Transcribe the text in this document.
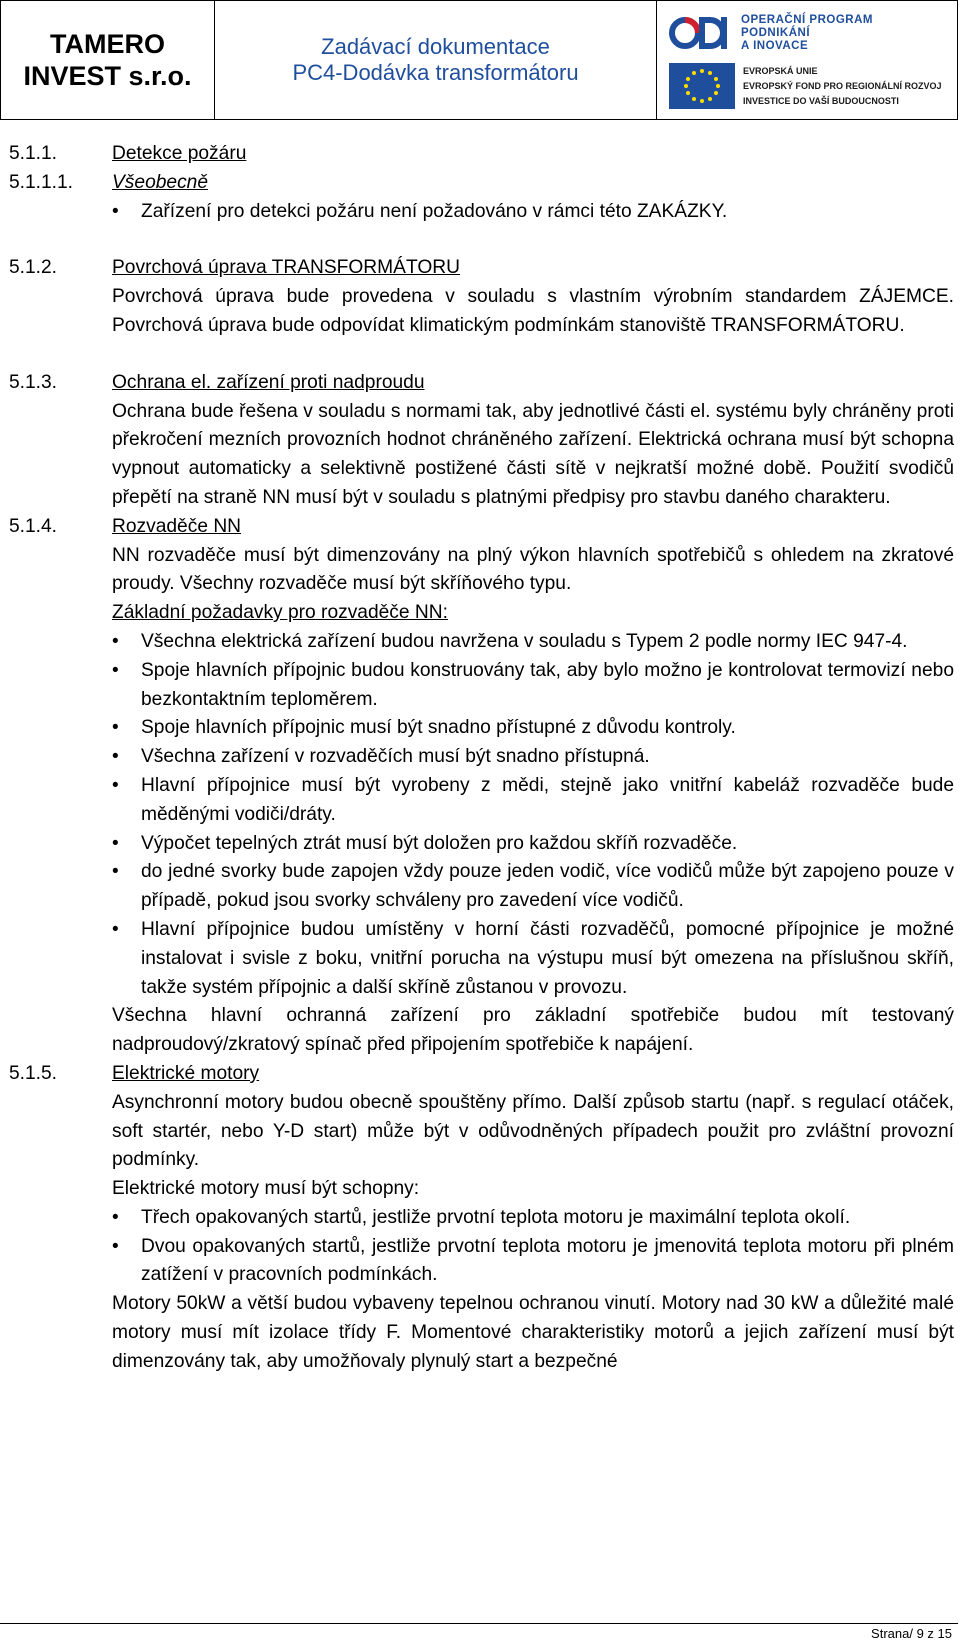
TAMERO
INVEST s.r.o.
Zadávací dokumentace
PC4-Dodávka transformátoru
OPERAČNÍ PROGRAM
PODNIKÁNÍ
A INOVACE
EVROPSKÁ UNIE
EVROPSKÝ FOND PRO REGIONÁLNÍ ROZVOJ
INVESTICE DO VAŠÍ BUDOUCNOSTI
5.1.1.	Detekce požáru
5.1.1.1.	Všeobecně
• Zařízení pro detekci požáru není požadováno v rámci této ZAKÁZKY.
5.1.2.	Povrchová úprava TRANSFORMÁTORU
Povrchová úprava bude provedena v souladu s vlastním výrobním standardem ZÁJEMCE. Povrchová úprava bude odpovídat klimatickým podmínkám stanoviště TRANSFORMÁTORU.
5.1.3.	Ochrana el. zařízení proti nadproudu
Ochrana bude řešena v souladu s normami tak, aby jednotlivé části el. systému byly chráněny proti překročení mezních provozních hodnot chráněného zařízení. Elektrická ochrana musí být schopna vypnout automaticky a selektivně postižené části sítě v nejkratší možné době. Použití svodičů přepětí na straně NN musí být v souladu s platnými předpisy pro stavbu daného charakteru.
5.1.4.	Rozvaděče NN
NN rozvaděče musí být dimenzovány na plný výkon hlavních spotřebičů s ohledem na zkratové proudy. Všechny rozvaděče musí být skříňového typu.
Základní požadavky pro rozvaděče NN:
• Všechna elektrická zařízení budou navržena v souladu s Typem 2 podle normy IEC 947-4.
• Spoje hlavních přípojnic budou konstruovány tak, aby bylo možno je kontrolovat termovizí nebo bezkontaktním teploměrem.
• Spoje hlavních přípojnic musí být snadno přístupné z důvodu kontroly.
• Všechna zařízení v rozvaděčích musí být snadno přístupná.
• Hlavní přípojnice musí být vyrobeny z mědi, stejně jako vnitřní kabeláž rozvaděče bude měděnými vodiči/dráty.
• Výpočet tepelných ztrát musí být doložen pro každou skříň rozvaděče.
• do jedné svorky bude zapojen vždy pouze jeden vodič, více vodičů může být zapojeno pouze v případě, pokud jsou svorky schváleny pro zavedení více vodičů.
• Hlavní přípojnice budou umístěny v horní části rozvaděčů, pomocné přípojnice je možné instalovat i svisle z boku, vnitřní porucha na výstupu musí být omezena na příslušnou skříň, takže systém přípojnic a další skříně zůstanou v provozu.
Všechna hlavní ochranná zařízení pro základní spotřebiče budou mít testovaný nadproudový/zkratový spínač před připojením spotřebiče k napájení.
5.1.5.	Elektrické motory
Asynchronní motory budou obecně spouštěny přímo. Další způsob startu (např. s regulací otáček, soft startér, nebo Y-D start) může být v odůvodněných případech použit pro zvláštní provozní podmínky.
Elektrické motory musí být schopny:
• Třech opakovaných startů, jestliže prvotní teplota motoru je maximální teplota okolí.
• Dvou opakovaných startů, jestliže prvotní teplota motoru je jmenovitá teplota motoru při plném zatížení v pracovních podmínkách.
Motory 50kW a větší budou vybaveny tepelnou ochranou vinutí. Motory nad 30 kW a důležité malé motory musí mít izolace třídy F. Momentové charakteristiky motorů a jejich zařízení musí být dimenzovány tak, aby umožňovaly plynulý start a bezpečné
Strana/ 9 z 15
